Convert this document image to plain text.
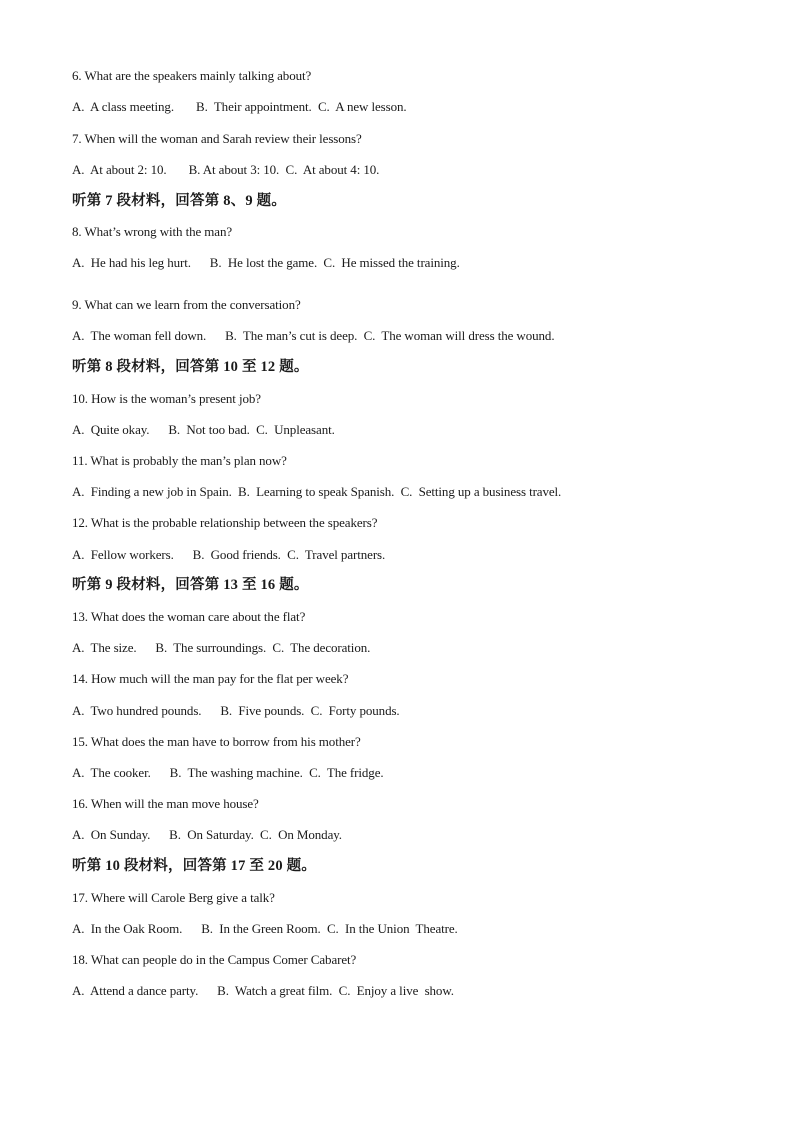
6. What are the speakers mainly talking about?
A.  A class meeting.       B.  Their appointment.  C.  A new lesson.
7. When will the woman and Sarah review their lessons?
A.  At about 2: 10.       B. At about 3: 10.  C.  At about 4: 10.
听第 7 段材料，回答第 8、9 题。
8. What’s wrong with the man?
A.  He had his leg hurt.      B.  He lost the game.  C.  He missed the training.
9. What can we learn from the conversation?
A.  The woman fell down.      B.  The man’s cut is deep.  C.  The woman will dress the wound.
听第 8 段材料，回答第 10 至 12 题。
10. How is the woman’s present job?
A.  Quite okay.      B.  Not too bad.  C.  Unpleasant.
11. What is probably the man’s plan now?
A.  Finding a new job in Spain.  B.  Learning to speak Spanish.  C.  Setting up a business travel.
12. What is the probable relationship between the speakers?
A.  Fellow workers.      B.  Good friends.  C.  Travel partners.
听第 9 段材料，回答第 13 至 16 题。
13. What does the woman care about the flat?
A.  The size.      B.  The surroundings.  C.  The decoration.
14. How much will the man pay for the flat per week?
A.  Two hundred pounds.      B.  Five pounds.  C.  Forty pounds.
15. What does the man have to borrow from his mother?
A.  The cooker.      B.  The washing machine.  C.  The fridge.
16. When will the man move house?
A.  On Sunday.      B.  On Saturday.  C.  On Monday.
听第 10 段材料，回答第 17 至 20 题。
17. Where will Carole Berg give a talk?
A.  In the Oak Room.      B.  In the Green Room.  C.  In the Union  Theatre.
18. What can people do in the Campus Comer Cabaret?
A.  Attend a dance party.      B.  Watch a great film.  C.  Enjoy a live  show.
